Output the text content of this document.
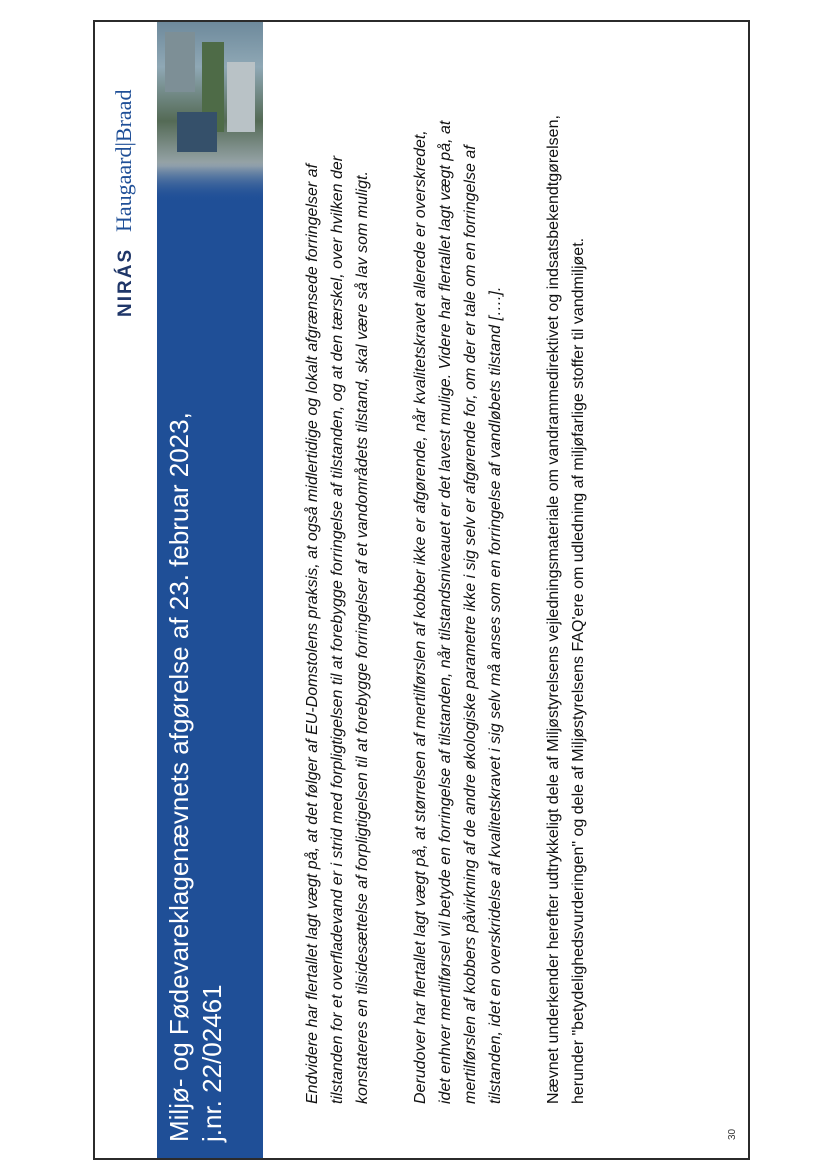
Miljø- og Fødevareklagenævnets afgørelse af 23. februar 2023, j.nr. 22/02461
NIRÁS
Haugaard|Braad

Endvidere har flertallet lagt vægt på, at det følger af EU-Domstolens praksis, at også midlertidige og lokalt afgrænsede forringelser af tilstanden for et overfladevand er i strid med forpligtigelsen til at forebygge forringelse af tilstanden, og at den tærskel, over hvilken der konstateres en tilsidesættelse af forpligtigelsen til at forebygge forringelser af et vandområdets tilstand, skal være så lav som muligt.	Derudover har flertallet lagt vægt på, at størrelsen af mertilførslen af kobber ikke er afgørende, når kvalitetskravet allerede er overskredet, idet enhver mertilførsel vil betyde en forringelse af tilstanden, når tilstandsniveauet er det lavest mulige. Videre har flertallet lagt vægt på, at mertilførslen af kobbers påvirkning af de andre økologiske parametre ikke i sig selv er afgørende for, om der er tale om en forringelse af tilstanden, idet en overskridelse af kvalitetskravet i sig selv må anses som en forringelse af vandløbets tilstand [….].	Nævnet underkender herefter udtrykkeligt dele af Miljøstyrelsens vejledningsmateriale om vandrammedirektivet og indsatsbekendtgørelsen, herunder "betydelighedsvurderingen" og dele af Miljøstyrelsens FAQ'ere om udledning af miljøfarlige stoffer til vandmiljøet.

30
